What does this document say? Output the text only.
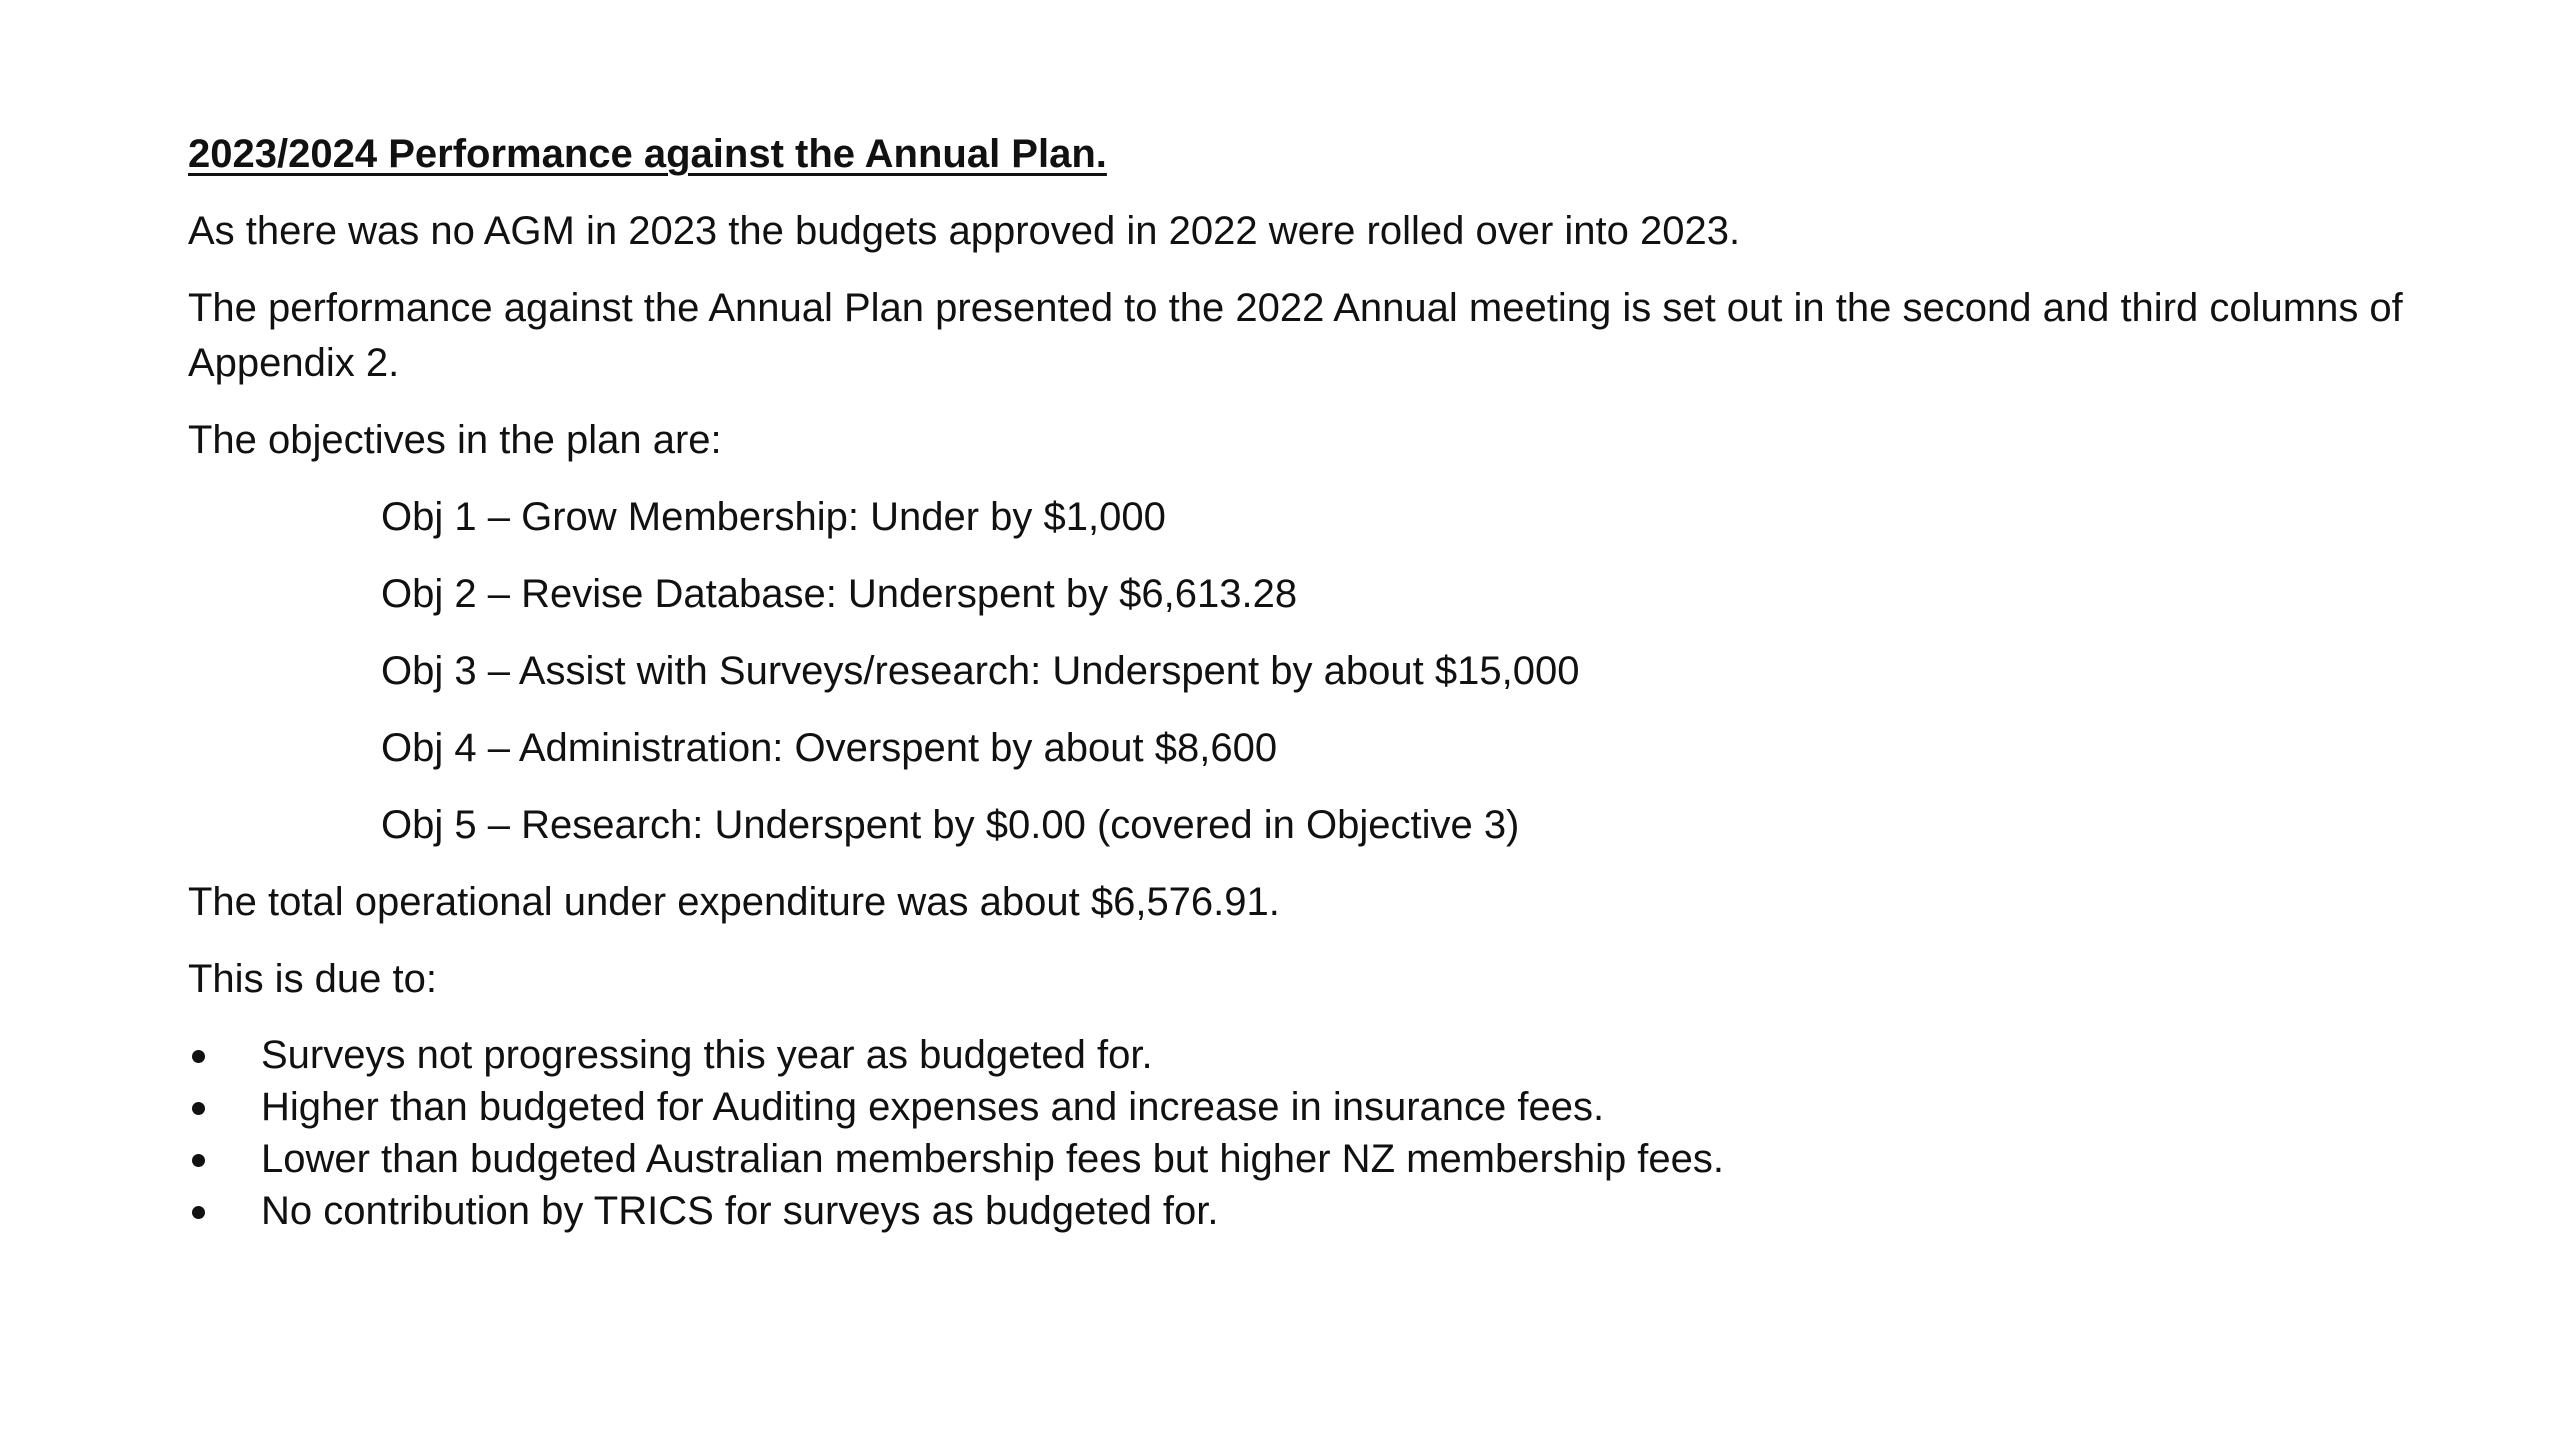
2023/2024 Performance against the Annual Plan.

As there was no AGM in 2023 the budgets approved in 2022 were rolled over into 2023.

The performance against the Annual Plan presented to the 2022 Annual meeting is set out in the second and third columns of Appendix 2.

The objectives in the plan are:

Obj 1 – Grow Membership: Under by $1,000

Obj 2 – Revise Database: Underspent by $6,613.28

Obj 3 – Assist with Surveys/research: Underspent by about $15,000

Obj 4 – Administration: Overspent by about $8,600

Obj 5 – Research: Underspent by $0.00 (covered in Objective 3)

The total operational under expenditure was about $6,576.91.

This is due to:

Surveys not progressing this year as budgeted for.
Higher than budgeted for Auditing expenses and increase in insurance fees.
Lower than budgeted Australian membership fees but higher NZ membership fees.
No contribution by TRICS for surveys as budgeted for.
